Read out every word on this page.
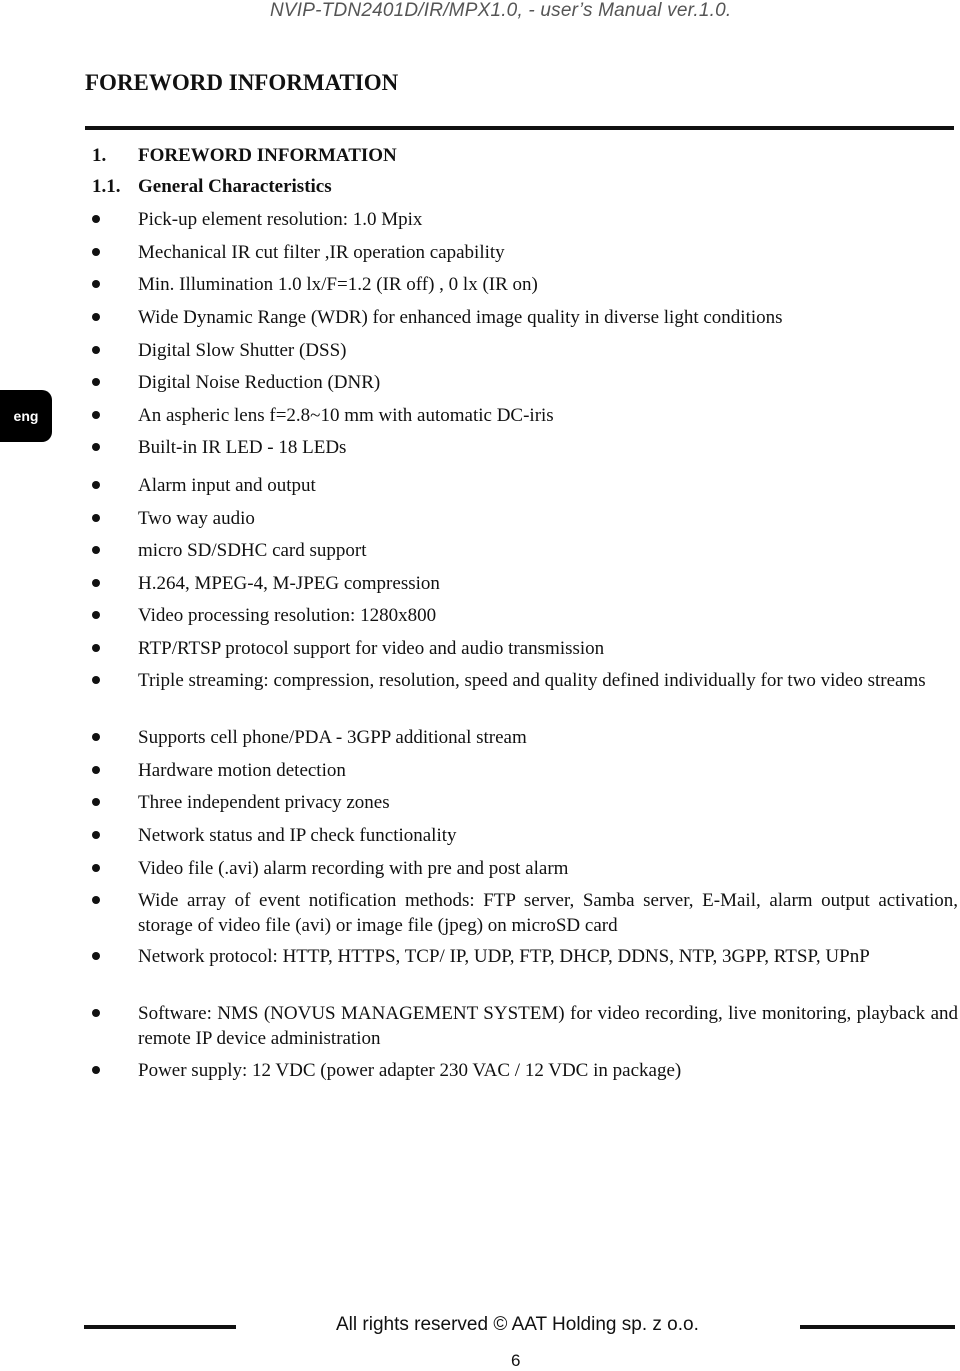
NVIP-TDN2401D/IR/MPX1.0, - user’s Manual ver.1.0.
FOREWORD INFORMATION
eng
1. FOREWORD INFORMATION
1.1. General Characteristics
Pick-up element resolution: 1.0 Mpix
Mechanical IR cut filter ,IR operation capability
Min. Illumination 1.0 lx/F=1.2 (IR off) , 0 lx (IR on)
Wide Dynamic Range (WDR) for enhanced image quality in diverse light conditions
Digital Slow Shutter (DSS)
Digital Noise Reduction (DNR)
An aspheric lens f=2.8~10 mm with automatic DC-iris
Built-in IR LED - 18 LEDs
Alarm input and output
Two way audio
micro SD/SDHC card support
H.264, MPEG-4, M-JPEG compression
Video processing resolution: 1280x800
RTP/RTSP protocol support for video and audio transmission
Triple streaming: compression, resolution, speed and quality defined individually for two video streams
Supports cell phone/PDA - 3GPP additional stream
Hardware motion detection
Three independent privacy zones
Network status and IP check functionality
Video file (.avi) alarm recording with pre and post alarm
Wide array of event notification methods: FTP server, Samba server, E-Mail, alarm output activation, storage of video file (avi) or image file (jpeg) on microSD card
Network protocol: HTTP, HTTPS, TCP/ IP, UDP, FTP, DHCP, DDNS, NTP, 3GPP, RTSP, UPnP
Software: NMS (NOVUS MANAGEMENT SYSTEM) for video recording, live monitoring, playback and remote IP device administration
Power supply: 12 VDC (power adapter 230 VAC / 12 VDC in package)
All rights reserved © AAT Holding sp. z o.o.
6
